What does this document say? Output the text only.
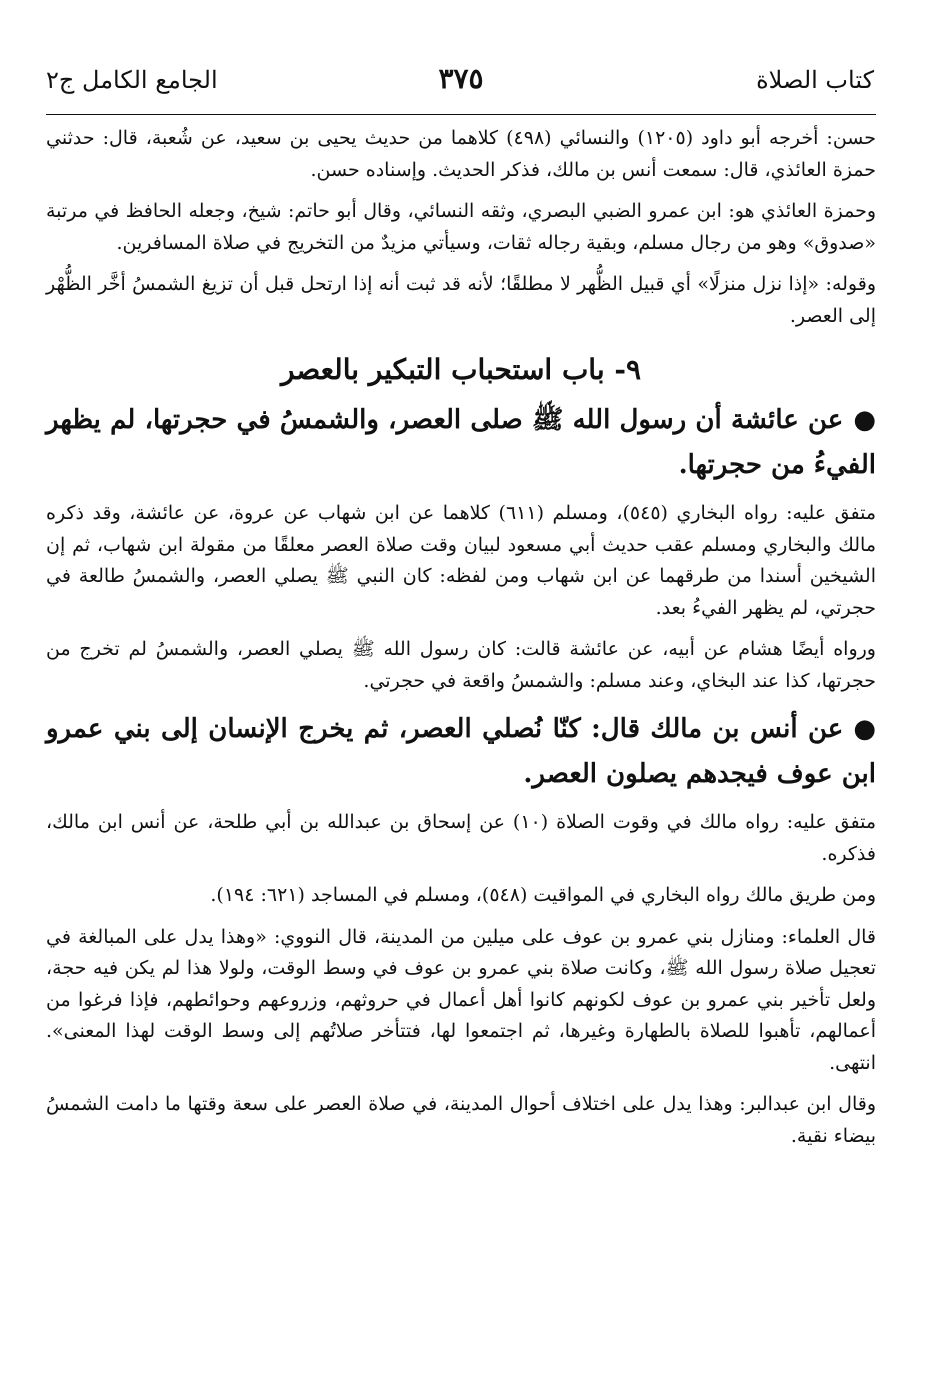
كتاب الصلاة
٣٧٥
الجامع الكامل ج٢

حسن: أخرجه أبو داود (١٢٠٥) والنسائي (٤٩٨) كلاهما من حديث يحيى بن سعيد، عن شُعبة، قال: حدثني حمزة العائذي، قال: سمعت أنس بن مالك، فذكر الحديث. وإسناده حسن.

وحمزة العائذي هو: ابن عمرو الضبي البصري، وثقه النسائي، وقال أبو حاتم: شيخ، وجعله الحافظ في مرتبة «صدوق» وهو من رجال مسلم، وبقية رجاله ثقات، وسيأتي مزيدٌ من التخريج في صلاة المسافرين.

وقوله: «إذا نزل منزلًا» أي قبيل الظُّهر لا مطلقًا؛ لأنه قد ثبت أنه إذا ارتحل قبل أن تزيغ الشمسُ أخَّر الظُّهْر إلى العصر.

٩- باب استحباب التبكير بالعصر

●عن عائشة أن رسول الله ﷺ صلى العصر، والشمسُ في حجرتها، لم يظهر الفيءُ من حجرتها.

متفق عليه: رواه البخاري (٥٤٥)، ومسلم (٦١١) كلاهما عن ابن شهاب عن عروة، عن عائشة، وقد ذكره مالك والبخاري ومسلم عقب حديث أبي مسعود لبيان وقت صلاة العصر معلقًا من مقولة ابن شهاب، ثم إن الشيخين أسندا من طرقهما عن ابن شهاب ومن لفظه: كان النبي ﷺ يصلي العصر، والشمسُ طالعة في حجرتي، لم يظهر الفيءُ بعد.

ورواه أيضًا هشام عن أبيه، عن عائشة قالت: كان رسول الله ﷺ يصلي العصر، والشمسُ لم تخرج من حجرتها، كذا عند البخاي، وعند مسلم: والشمسُ واقعة في حجرتي.

●عن أنس بن مالك قال: كنّا نُصلي العصر، ثم يخرج الإنسان إلى بني عمرو ابن عوف فيجدهم يصلون العصر.

متفق عليه: رواه مالك في وقوت الصلاة (١٠) عن إسحاق بن عبدالله بن أبي طلحة، عن أنس ابن مالك، فذكره.

ومن طريق مالك رواه البخاري في المواقيت (٥٤٨)، ومسلم في المساجد (٦٢١: ١٩٤).

قال العلماء: ومنازل بني عمرو بن عوف على ميلين من المدينة، قال النووي: «وهذا يدل على المبالغة في تعجيل صلاة رسول الله ﷺ، وكانت صلاة بني عمرو بن عوف في وسط الوقت، ولولا هذا لم يكن فيه حجة، ولعل تأخير بني عمرو بن عوف لكونهم كانوا أهل أعمال في حروثهم، وزروعهم وحوائطهم، فإذا فرغوا من أعمالهم، تأهبوا للصلاة بالطهارة وغيرها، ثم اجتمعوا لها، فتتأخر صلاتُهم إلى وسط الوقت لهذا المعنى». انتهى.

وقال ابن عبدالبر: وهذا يدل على اختلاف أحوال المدينة، في صلاة العصر على سعة وقتها ما دامت الشمسُ بيضاء نقية.
